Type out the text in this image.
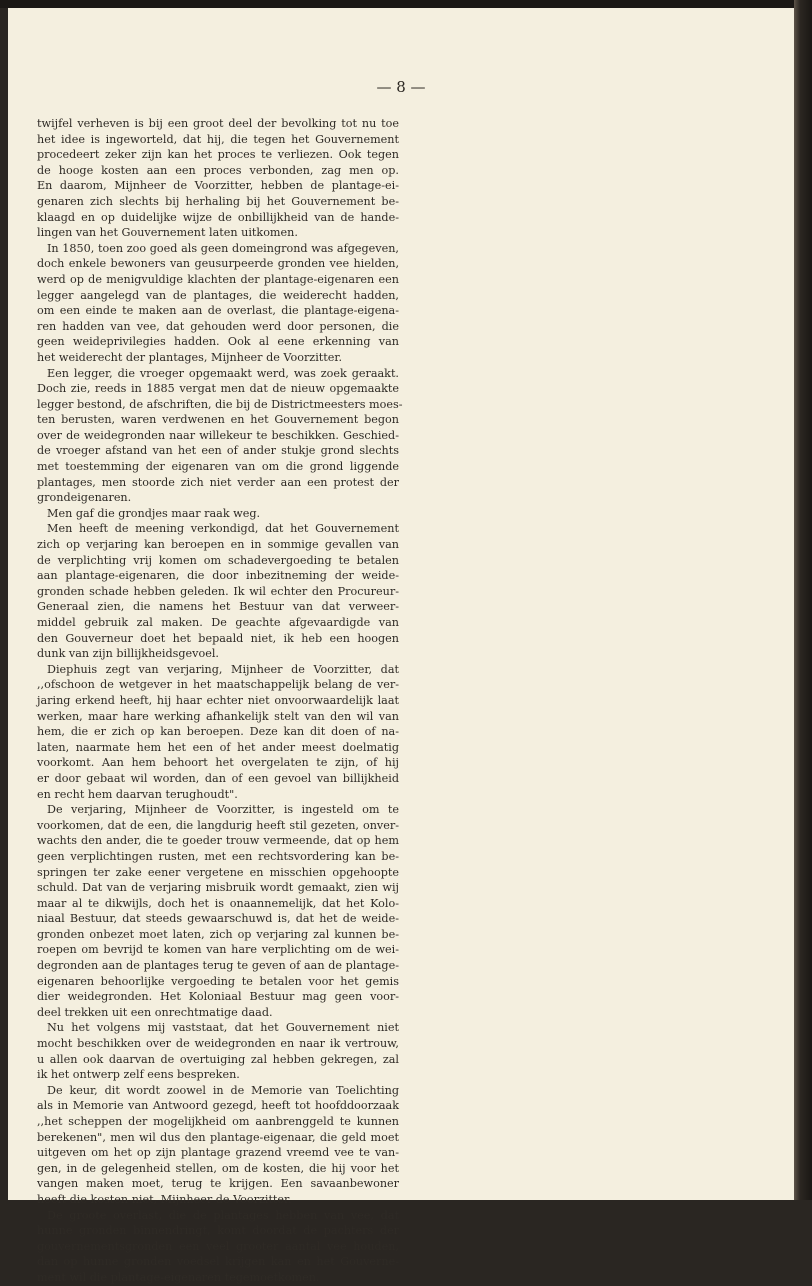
— 8 —
twijfel verheven is bij een groot deel der bevolking tot nu toe
het idee is ingeworteld, dat hij, die tegen het Gouvernement
procedeert zeker zijn kan het proces te verliezen. Ook tegen
de hooge kosten aan een proces verbonden, zag men op.
En daarom, Mijnheer de Voorzitter, hebben de plantage-ei-
genaren zich slechts bij herhaling bij het Gouvernement be-
klaagd en op duidelijke wijze de onbillijkheid van de hande-
lingen van het Gouvernement laten uitkomen.
In 1850, toen zoo goed als geen domeingrond was afgegeven,
doch enkele bewoners van geusurpeerde gronden vee hielden,
werd op de menigvuldige klachten der plantage-eigenaren een
legger aangelegd van de plantages, die weiderecht hadden,
om een einde te maken aan de overlast, die plantage-eigena-
ren hadden van vee, dat gehouden werd door personen, die
geen weideprivilegies hadden. Ook al eene erkenning van
het weiderecht der plantages, Mijnheer de Voorzitter.
Een legger, die vroeger opgemaakt werd, was zoek geraakt.
Doch zie, reeds in 1885 vergat men dat de nieuw opgemaakte
legger bestond, de afschriften, die bij de Districtmeesters moes-
ten berusten, waren verdwenen en het Gouvernement begon
over de weidegronden naar willekeur te beschikken. Geschied-
de vroeger afstand van het een of ander stukje grond slechts
met toestemming der eigenaren van om die grond liggende
plantages, men stoorde zich niet verder aan een protest der
grondeigenaren.
Men gaf die grondjes maar raak weg.
Men heeft de meening verkondigd, dat het Gouvernement
zich op verjaring kan beroepen en in sommige gevallen van
de verplichting vrij komen om schadevergoeding te betalen
aan plantage-eigenaren, die door inbezitneming der weide-
gronden schade hebben geleden. Ik wil echter den Procureur-
Generaal zien, die namens het Bestuur van dat verweer-
middel gebruik zal maken. De geachte afgevaardigde van
den Gouverneur doet het bepaald niet, ik heb een hoogen
dunk van zijn billijkheidsgevoel.
Diephuis zegt van verjaring, Mijnheer de Voorzitter, dat
,,ofschoon de wetgever in het maatschappelijk belang de ver-
jaring erkend heeft, hij haar echter niet onvoorwaardelijk laat
werken, maar hare werking afhankelijk stelt van den wil van
hem, die er zich op kan beroepen. Deze kan dit doen of na-
laten, naarmate hem het een of het ander meest doelmatig
voorkomt. Aan hem behoort het overgelaten te zijn, of hij
er door gebaat wil worden, dan of een gevoel van billijkheid
en recht hem daarvan terughoudt".
De verjaring, Mijnheer de Voorzitter, is ingesteld om te
voorkomen, dat de een, die langdurig heeft stil gezeten, onver-
wachts den ander, die te goeder trouw vermeende, dat op hem
geen verplichtingen rusten, met een rechtsvordering kan be-
springen ter zake eener vergetene en misschien opgehoopte
schuld. Dat van de verjaring misbruik wordt gemaakt, zien wij
maar al te dikwijls, doch het is onaannemelijk, dat het Kolo-
niaal Bestuur, dat steeds gewaarschuwd is, dat het de weide-
gronden onbezet moet laten, zich op verjaring zal kunnen be-
roepen om bevrijd te komen van hare verplichting om de wei-
degronden aan de plantages terug te geven of aan de plantage-
eigenaren behoorlijke vergoeding te betalen voor het gemis
dier weidegronden. Het Koloniaal Bestuur mag geen voor-
deel trekken uit een onrechtmatige daad.
Nu het volgens mij vaststaat, dat het Gouvernement niet
mocht beschikken over de weidegronden en naar ik vertrouw,
u allen ook daarvan de overtuiging zal hebben gekregen, zal
ik het ontwerp zelf eens bespreken.
De keur, dit wordt zoowel in de Memorie van Toelichting
als in Memorie van Antwoord gezegd, heeft tot hoofddoorzaak
,,het scheppen der mogelijkheid om aanbrenggeld te kunnen
berekenen", men wil dus den plantage-eigenaar, die geld moet
uitgeven om het op zijn plantage grazend vreemd vee te van-
gen, in de gelegenheid stellen, om de kosten, die hij voor het
vangen maken moet, terug te krijgen. Een savaanbewoner
heeft die kosten niet, Mijnheer de Voorzitter.
De groote overlast, die de plantages hebben van vee, dat
hunne gronden binnendringt, komt doordat de pachters der
gouvernementsgronden een veel grooter aantal vee houden,
dan op hunne gronden voedsel krijgen kan en het Gouverne-
ment wil die plantage-eigenaren tegemoetkomen.
